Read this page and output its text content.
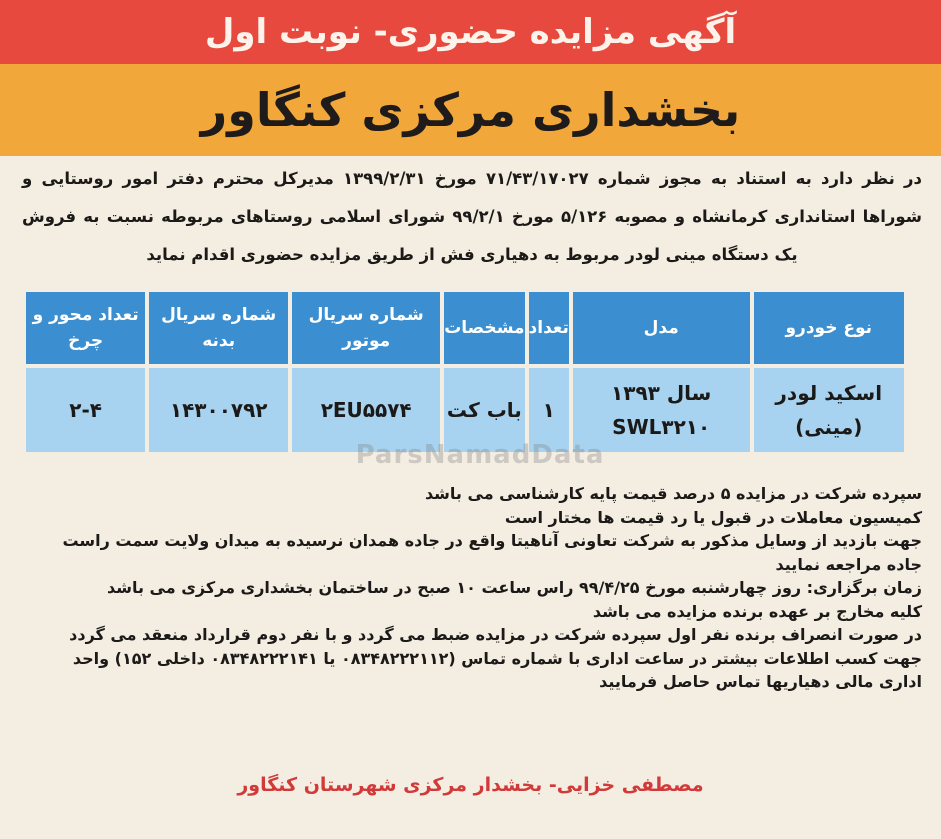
آگهی مزایده حضوری- نوبت اول
بخشداری مرکزی کنگاور

در نظر دارد به استناد به مجوز شماره ۷۱/۴۳/۱۷۰۲۷ مورخ ۱۳۹۹/۲/۳۱ مدیرکل محترم دفتر امور روستایی و شوراها استانداری کرمانشاه و مصوبه ۵/۱۲۶ مورخ ۹۹/۲/۱ شورای اسلامی روستاهای مربوطه نسبت به فروش یک دستگاه مینی لودر مربوط به دهیاری فش از طریق مزایده حضوری اقدام نماید

نوع خودرو	مدل	تعداد	مشخصات	شماره سریال موتور	شماره سریال بدنه	تعداد محور و چرخ
اسکید لودر (مینی)	سال ۱۳۹۳ SWL۳۲۱۰	۱	باب کت	۲EU۵۵۷۴	۱۴۳۰۰۷۹۲	۲-۴
ParsNamadData
سپرده شرکت در مزایده ۵ درصد قیمت پایه کارشناسی می باشد
کمیسیون معاملات در قبول یا رد قیمت ها مختار است
جهت بازدید از وسایل مذکور به شرکت تعاونی آناهیتا واقع در جاده همدان نرسیده به میدان ولایت سمت راست
جاده مراجعه نمایید
زمان برگزاری: روز چهارشنبه مورخ ۹۹/۴/۲۵ راس ساعت ۱۰ صبح در ساختمان بخشداری مرکزی می باشد
کلیه مخارج بر عهده برنده مزایده می باشد
در صورت انصراف برنده نفر اول سپرده شرکت در مزایده ضبط می گردد و با نفر دوم قرارداد منعقد می گردد
جهت کسب اطلاعات بیشتر در ساعت اداری با شماره تماس (۰۸۳۴۸۲۲۲۱۱۲ یا ۰۸۳۴۸۲۲۲۱۴۱ داخلی ۱۵۲) واحد
اداری مالی دهیاریها تماس حاصل فرمایید
مصطفی خزایی- بخشدار مرکزی شهرستان کنگاور
